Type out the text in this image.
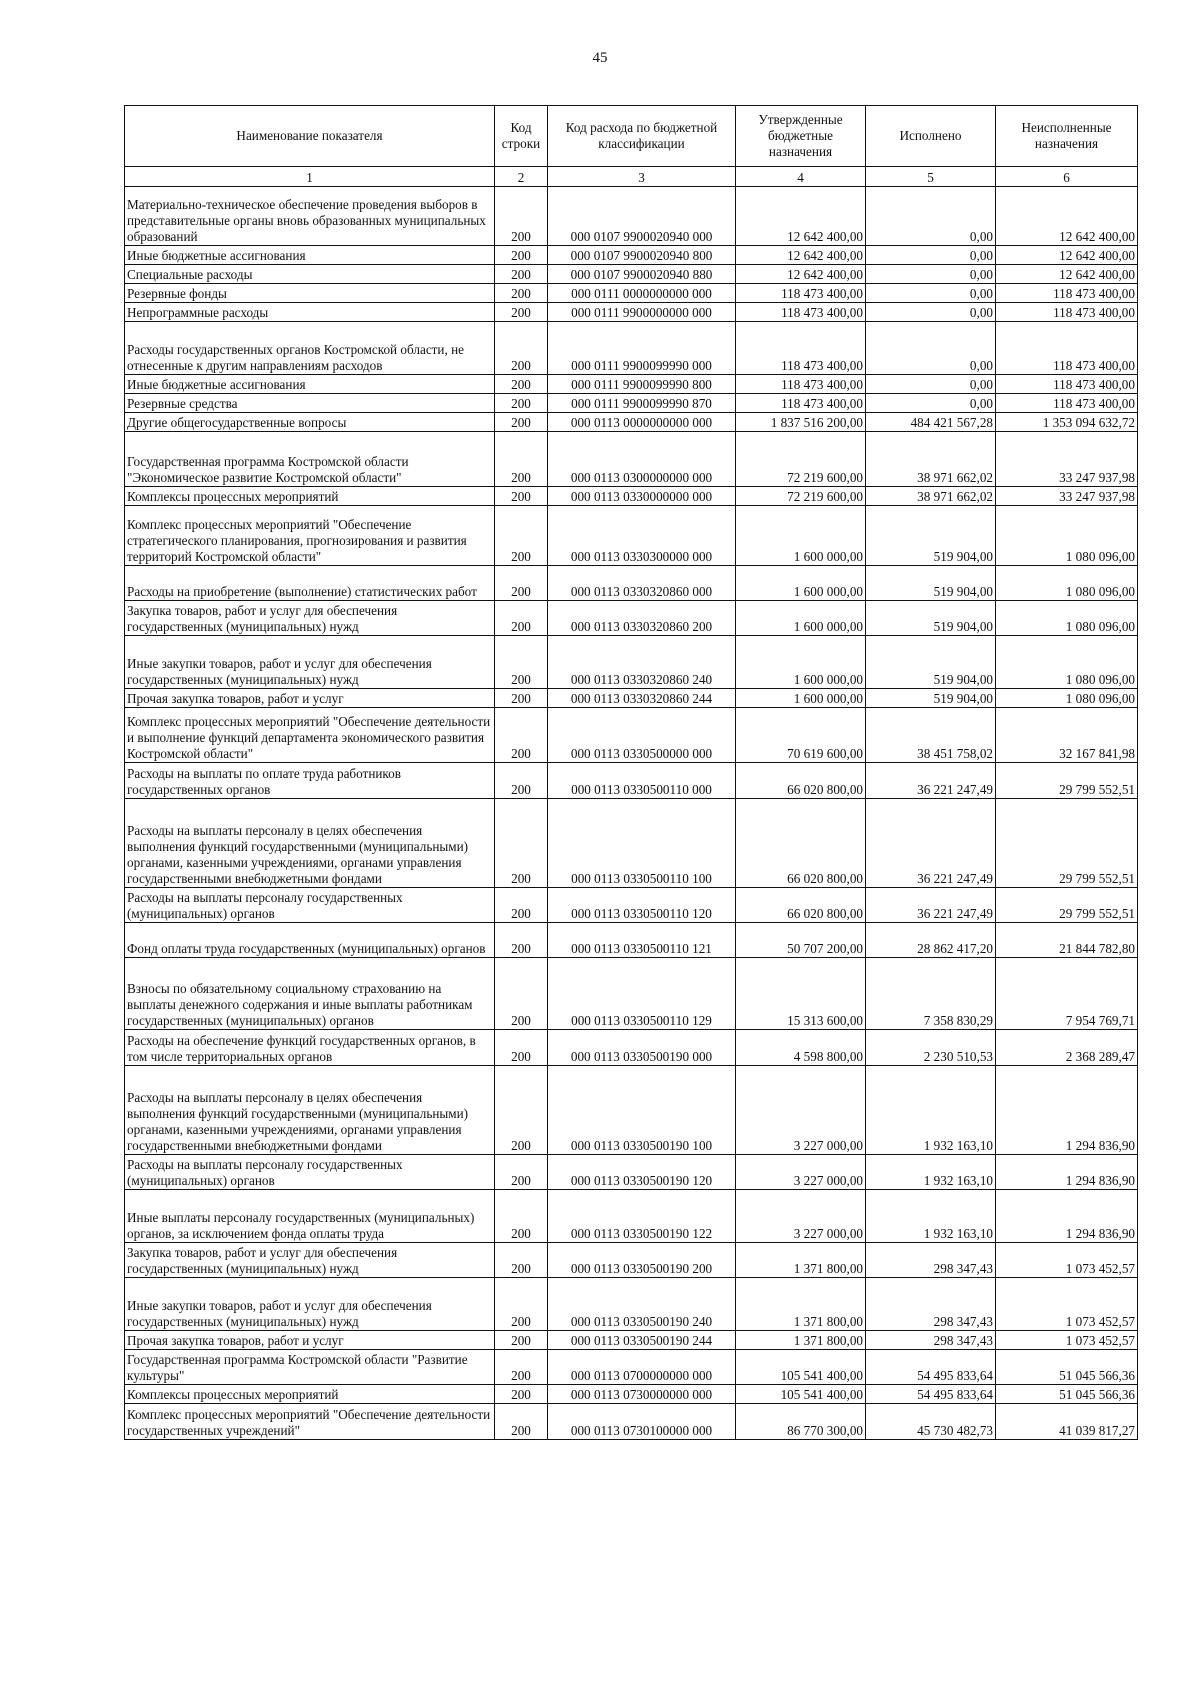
45
Наименование показателя	Код строки	Код расхода по бюджетной классификации	Утвержденные бюджетные назначения	Исполнено	Неисполненные назначения
1	2	3	4	5	6
Материально-техническое обеспечение проведения выборов в представительные органы вновь образованных муниципальных образований	200	000 0107 9900020940 000	12 642 400,00	0,00	12 642 400,00
Иные бюджетные ассигнования	200	000 0107 9900020940 800	12 642 400,00	0,00	12 642 400,00
Специальные расходы	200	000 0107 9900020940 880	12 642 400,00	0,00	12 642 400,00
Резервные фонды	200	000 0111 0000000000 000	118 473 400,00	0,00	118 473 400,00
Непрограммные расходы	200	000 0111 9900000000 000	118 473 400,00	0,00	118 473 400,00
Расходы государственных органов Костромской области, не отнесенные к другим направлениям расходов	200	000 0111 9900099990 000	118 473 400,00	0,00	118 473 400,00
Иные бюджетные ассигнования	200	000 0111 9900099990 800	118 473 400,00	0,00	118 473 400,00
Резервные средства	200	000 0111 9900099990 870	118 473 400,00	0,00	118 473 400,00
Другие общегосударственные вопросы	200	000 0113 0000000000 000	1 837 516 200,00	484 421 567,28	1 353 094 632,72
Государственная программа Костромской области "Экономическое развитие Костромской области"	200	000 0113 0300000000 000	72 219 600,00	38 971 662,02	33 247 937,98
Комплексы процессных мероприятий	200	000 0113 0330000000 000	72 219 600,00	38 971 662,02	33 247 937,98
Комплекс процессных мероприятий "Обеспечение стратегического планирования, прогнозирования и развития территорий Костромской области"	200	000 0113 0330300000 000	1 600 000,00	519 904,00	1 080 096,00
Расходы на приобретение (выполнение) статистических работ	200	000 0113 0330320860 000	1 600 000,00	519 904,00	1 080 096,00
Закупка товаров, работ и услуг для обеспечения государственных (муниципальных) нужд	200	000 0113 0330320860 200	1 600 000,00	519 904,00	1 080 096,00
Иные закупки товаров, работ и услуг для обеспечения государственных (муниципальных) нужд	200	000 0113 0330320860 240	1 600 000,00	519 904,00	1 080 096,00
Прочая закупка товаров, работ и услуг	200	000 0113 0330320860 244	1 600 000,00	519 904,00	1 080 096,00
Комплекс процессных мероприятий "Обеспечение деятельности и выполнение функций департамента экономического развития Костромской области"	200	000 0113 0330500000 000	70 619 600,00	38 451 758,02	32 167 841,98
Расходы на выплаты по оплате труда работников государственных органов	200	000 0113 0330500110 000	66 020 800,00	36 221 247,49	29 799 552,51
Расходы на выплаты персоналу в целях обеспечения выполнения функций государственными (муниципальными) органами, казенными учреждениями, органами управления государственными внебюджетными фондами	200	000 0113 0330500110 100	66 020 800,00	36 221 247,49	29 799 552,51
Расходы на выплаты персоналу государственных (муниципальных) органов	200	000 0113 0330500110 120	66 020 800,00	36 221 247,49	29 799 552,51
Фонд оплаты труда государственных (муниципальных) органов	200	000 0113 0330500110 121	50 707 200,00	28 862 417,20	21 844 782,80
Взносы по обязательному социальному страхованию на выплаты денежного содержания и иные выплаты работникам государственных (муниципальных) органов	200	000 0113 0330500110 129	15 313 600,00	7 358 830,29	7 954 769,71
Расходы на обеспечение функций государственных органов, в том числе территориальных органов	200	000 0113 0330500190 000	4 598 800,00	2 230 510,53	2 368 289,47
Расходы на выплаты персоналу в целях обеспечения выполнения функций государственными (муниципальными) органами, казенными учреждениями, органами управления государственными внебюджетными фондами	200	000 0113 0330500190 100	3 227 000,00	1 932 163,10	1 294 836,90
Расходы на выплаты персоналу государственных (муниципальных) органов	200	000 0113 0330500190 120	3 227 000,00	1 932 163,10	1 294 836,90
Иные выплаты персоналу государственных (муниципальных) органов, за исключением фонда оплаты труда	200	000 0113 0330500190 122	3 227 000,00	1 932 163,10	1 294 836,90
Закупка товаров, работ и услуг для обеспечения государственных (муниципальных) нужд	200	000 0113 0330500190 200	1 371 800,00	298 347,43	1 073 452,57
Иные закупки товаров, работ и услуг для обеспечения государственных (муниципальных) нужд	200	000 0113 0330500190 240	1 371 800,00	298 347,43	1 073 452,57
Прочая закупка товаров, работ и услуг	200	000 0113 0330500190 244	1 371 800,00	298 347,43	1 073 452,57
Государственная программа Костромской области "Развитие культуры"	200	000 0113 0700000000 000	105 541 400,00	54 495 833,64	51 045 566,36
Комплексы процессных мероприятий	200	000 0113 0730000000 000	105 541 400,00	54 495 833,64	51 045 566,36
Комплекс процессных мероприятий "Обеспечение деятельности государственных учреждений"	200	000 0113 0730100000 000	86 770 300,00	45 730 482,73	41 039 817,27
